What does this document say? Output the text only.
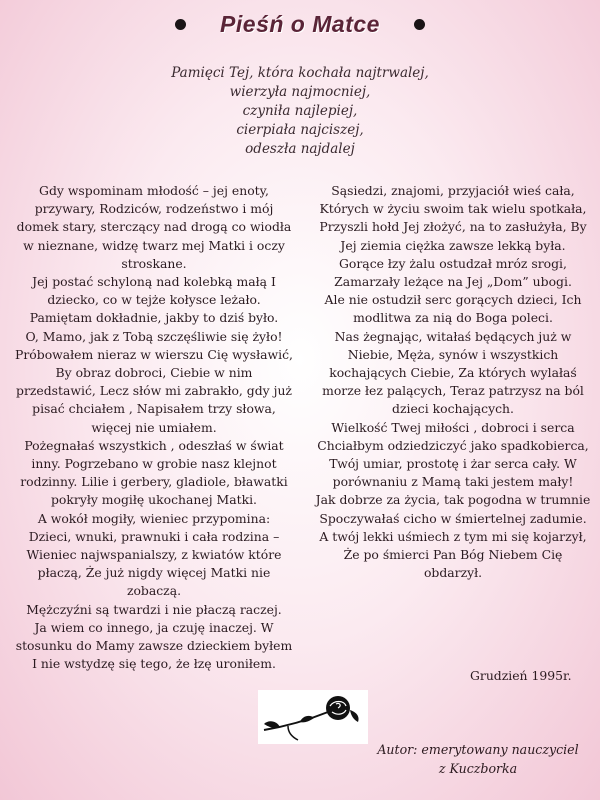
Pieśń o Matce
Pamięci Tej, która kochała najtrwalej,
wierzyła najmocniej,
czyniła najlepiej,
cierpiała najciszej,
odeszła najdalej

Gdy wspominam młodość – jej enoty, przywary, Rodziców, rodzeństwo i mój domek stary, sterczący nad drogą co wiodła w nieznane, widzę twarz mej Matki i oczy stroskane.

Jej postać schyloną nad kolebką małą I dziecko, co w tejże kołysce leżało.

Pamiętam dokładnie, jakby to dziś było.

O, Mamo, jak z Tobą szczęśliwie się żyło!

Próbowałem nieraz w wierszu Cię wysławić, By obraz dobroci, Ciebie w nim przedstawić, Lecz słów mi zabrakło, gdy już pisać chciałem , Napisałem trzy słowa, więcej nie umiałem.

Pożegnałaś wszystkich , odeszłaś w świat inny. Pogrzebano w grobie nasz klejnot rodzinny. Lilie i gerbery, gladiole, bławatki pokryły mogiłę ukochanej Matki.

A wokół mogiły, wieniec przypomina:

Dzieci, wnuki, prawnuki i cała rodzina – Wieniec najwspanialszy, z kwiatów które płaczą, Że już nigdy więcej Matki nie zobaczą.

Mężczyźni są twardzi i nie płaczą raczej.

Ja wiem co innego, ja czuję inaczej. W stosunku do Mamy zawsze dzieckiem byłem I nie wstydzę się tego, że łzę uroniłem.

Sąsiedzi, znajomi, przyjaciół wieś cała, Których w życiu swoim tak wielu spotkała, Przyszli hołd Jej złożyć, na to zasłużyła, By Jej ziemia ciężka zawsze lekką była.

Gorące łzy żalu ostudzał mróz srogi, Zamarzały leżące na Jej „Dom” ubogi.

Ale nie ostudził serc gorących dzieci, Ich modlitwa za nią do Boga poleci.

Nas żegnając, witałaś będących już w Niebie, Męża, synów i wszystkich kochających Ciebie, Za których wylałaś morze łez palących, Teraz patrzysz na ból dzieci kochających.

Wielkość Twej miłości , dobroci i serca Chciałbym odziedziczyć jako spadkobierca, Twój umiar, prostotę i żar serca cały. W porównaniu z Mamą taki jestem mały!

Jak dobrze za życia, tak pogodna w trumnie Spoczywałaś cicho w śmiertelnej zadumie. A twój lekki uśmiech z tym mi się kojarzył, Że po śmierci Pan Bóg Niebem Cię obdarzył.

Grudzień 1995r.
Autor: emerytowany nauczyciel
z Kuczborka
